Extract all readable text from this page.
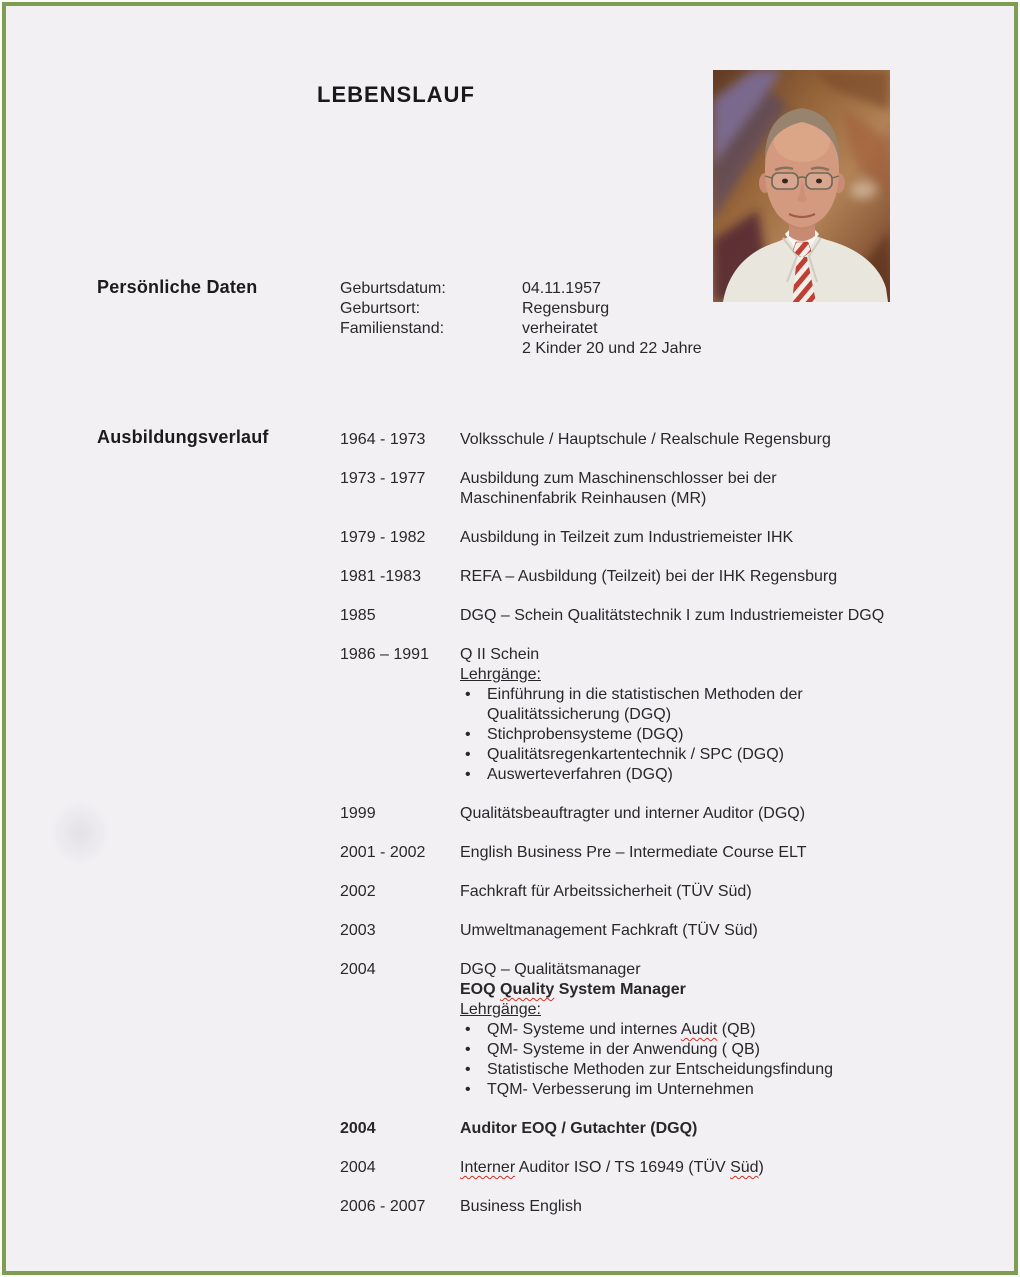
LEBENSLAUF
Persönliche Daten	Geburtsdatum:	04.11.1957
Geburtsort:	Regensburg
Familienstand:	verheiratet
2 Kinder 20 und 22 Jahre
Ausbildungsverlauf	1964 - 1973	Volksschule / Hauptschule / Realschule Regensburg
1973 - 1977	Ausbildung zum Maschinenschlosser bei der
Maschinenfabrik Reinhausen (MR)
1979 - 1982	Ausbildung in Teilzeit zum Industriemeister IHK
1981 -1983	REFA – Ausbildung (Teilzeit) bei der IHK Regensburg
1985	DGQ – Schein Qualitätstechnik I zum Industriemeister DGQ
1986 – 1991	Q II Schein
Lehrgänge:
•	Einführung in die statistischen Methoden der
Qualitätssicherung (DGQ)
•	Stichprobensysteme (DGQ)
•	Qualitätsregenkartentechnik / SPC (DGQ)
•	Auswerteverfahren (DGQ)
1999	Qualitätsbeauftragter und interner Auditor (DGQ)
2001 - 2002	English Business Pre – Intermediate Course ELT
2002	Fachkraft für Arbeitssicherheit (TÜV Süd)
2003	Umweltmanagement Fachkraft (TÜV Süd)
2004	DGQ – Qualitätsmanager
EOQ Quality System Manager
Lehrgänge:
•	QM- Systeme und internes Audit (QB)
•	QM- Systeme in der Anwendung ( QB)
•	Statistische Methoden zur Entscheidungsfindung
•	TQM- Verbesserung im Unternehmen
2004	Auditor EOQ / Gutachter (DGQ)
2004	Interner Auditor ISO / TS 16949 (TÜV Süd)
2006 - 2007	Business English
